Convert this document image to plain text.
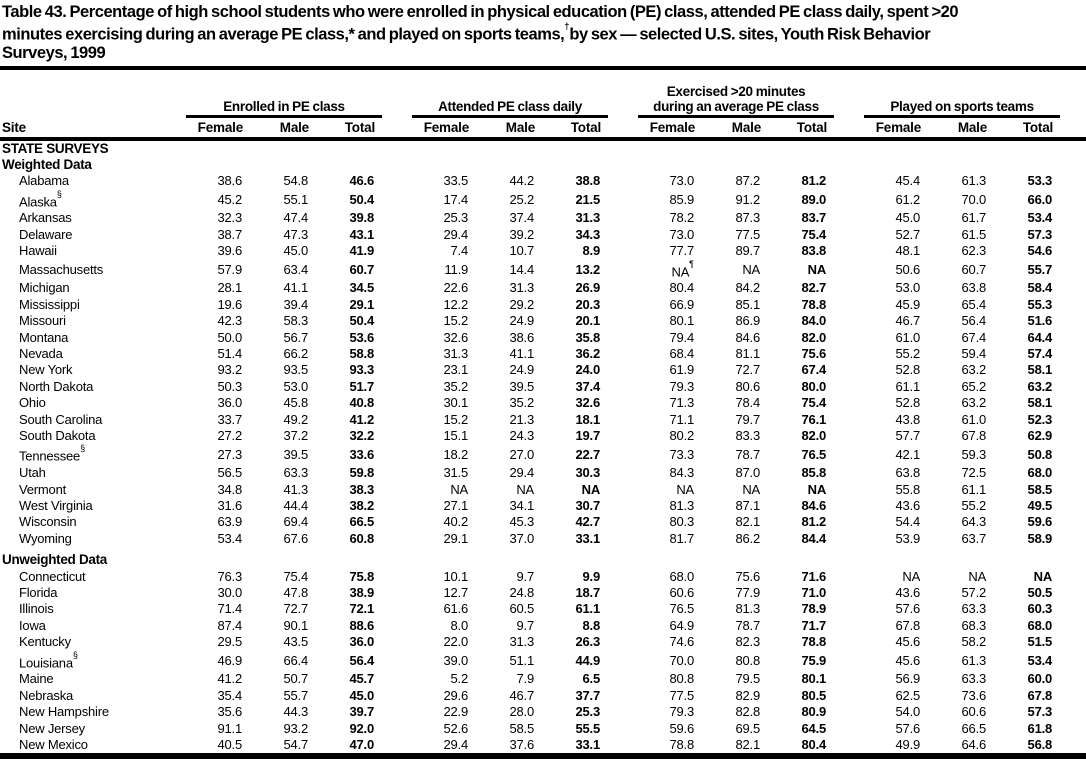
Table 43. Percentage of high school students who were enrolled in physical education (PE) class, attended PE class daily, spent >20
minutes exercising during an average PE class,* and played on sports teams,†by sex — selected U.S. sites, Youth Risk Behavior
Surveys, 1999
Site		Enrolled in PE class				Attended PE class daily				Exercised >20 minutes
during an average PE class				Played on sports teams			

		Female	Male	Total		Female	Male	Total		Female	Male	Total		Female	Male	Total	
STATE SURVEYS																	
Weighted Data																	
Alabama		38.6	54.8	46.6		33.5	44.2	38.8		73.0	87.2	81.2		45.4	61.3	53.3	
Alaska§		45.2	55.1	50.4		17.4	25.2	21.5		85.9	91.2	89.0		61.2	70.0	66.0	
Arkansas		32.3	47.4	39.8		25.3	37.4	31.3		78.2	87.3	83.7		45.0	61.7	53.4	
Delaware		38.7	47.3	43.1		29.4	39.2	34.3		73.0	77.5	75.4		52.7	61.5	57.3	
Hawaii		39.6	45.0	41.9		7.4	10.7	8.9		77.7	89.7	83.8		48.1	62.3	54.6	
Massachusetts		57.9	63.4	60.7		11.9	14.4	13.2		NA¶	NA	NA		50.6	60.7	55.7	
Michigan		28.1	41.1	34.5		22.6	31.3	26.9		80.4	84.2	82.7		53.0	63.8	58.4	
Mississippi		19.6	39.4	29.1		12.2	29.2	20.3		66.9	85.1	78.8		45.9	65.4	55.3	
Missouri		42.3	58.3	50.4		15.2	24.9	20.1		80.1	86.9	84.0		46.7	56.4	51.6	
Montana		50.0	56.7	53.6		32.6	38.6	35.8		79.4	84.6	82.0		61.0	67.4	64.4	
Nevada		51.4	66.2	58.8		31.3	41.1	36.2		68.4	81.1	75.6		55.2	59.4	57.4	
New York		93.2	93.5	93.3		23.1	24.9	24.0		61.9	72.7	67.4		52.8	63.2	58.1	
North Dakota		50.3	53.0	51.7		35.2	39.5	37.4		79.3	80.6	80.0		61.1	65.2	63.2	
Ohio		36.0	45.8	40.8		30.1	35.2	32.6		71.3	78.4	75.4		52.8	63.2	58.1	
South Carolina		33.7	49.2	41.2		15.2	21.3	18.1		71.1	79.7	76.1		43.8	61.0	52.3	
South Dakota		27.2	37.2	32.2		15.1	24.3	19.7		80.2	83.3	82.0		57.7	67.8	62.9	
Tennessee§		27.3	39.5	33.6		18.2	27.0	22.7		73.3	78.7	76.5		42.1	59.3	50.8	
Utah		56.5	63.3	59.8		31.5	29.4	30.3		84.3	87.0	85.8		63.8	72.5	68.0	
Vermont		34.8	41.3	38.3		NA	NA	NA		NA	NA	NA		55.8	61.1	58.5	
West Virginia		31.6	44.4	38.2		27.1	34.1	30.7		81.3	87.1	84.6		43.6	55.2	49.5	
Wisconsin		63.9	69.4	66.5		40.2	45.3	42.7		80.3	82.1	81.2		54.4	64.3	59.6	
Wyoming		53.4	67.6	60.8		29.1	37.0	33.1		81.7	86.2	84.4		53.9	63.7	58.9	
Unweighted Data																	
Connecticut		76.3	75.4	75.8		10.1	9.7	9.9		68.0	75.6	71.6		NA	NA	NA	
Florida		30.0	47.8	38.9		12.7	24.8	18.7		60.6	77.9	71.0		43.6	57.2	50.5	
Illinois		71.4	72.7	72.1		61.6	60.5	61.1		76.5	81.3	78.9		57.6	63.3	60.3	
Iowa		87.4	90.1	88.6		8.0	9.7	8.8		64.9	78.7	71.7		67.8	68.3	68.0	
Kentucky		29.5	43.5	36.0		22.0	31.3	26.3		74.6	82.3	78.8		45.6	58.2	51.5	
Louisiana§		46.9	66.4	56.4		39.0	51.1	44.9		70.0	80.8	75.9		45.6	61.3	53.4	
Maine		41.2	50.7	45.7		5.2	7.9	6.5		80.8	79.5	80.1		56.9	63.3	60.0	
Nebraska		35.4	55.7	45.0		29.6	46.7	37.7		77.5	82.9	80.5		62.5	73.6	67.8	
New Hampshire		35.6	44.3	39.7		22.9	28.0	25.3		79.3	82.8	80.9		54.0	60.6	57.3	
New Jersey		91.1	93.2	92.0		52.6	58.5	55.5		59.6	69.5	64.5		57.6	66.5	61.8	
New Mexico		40.5	54.7	47.0		29.4	37.6	33.1		78.8	82.1	80.4		49.9	64.6	56.8	
